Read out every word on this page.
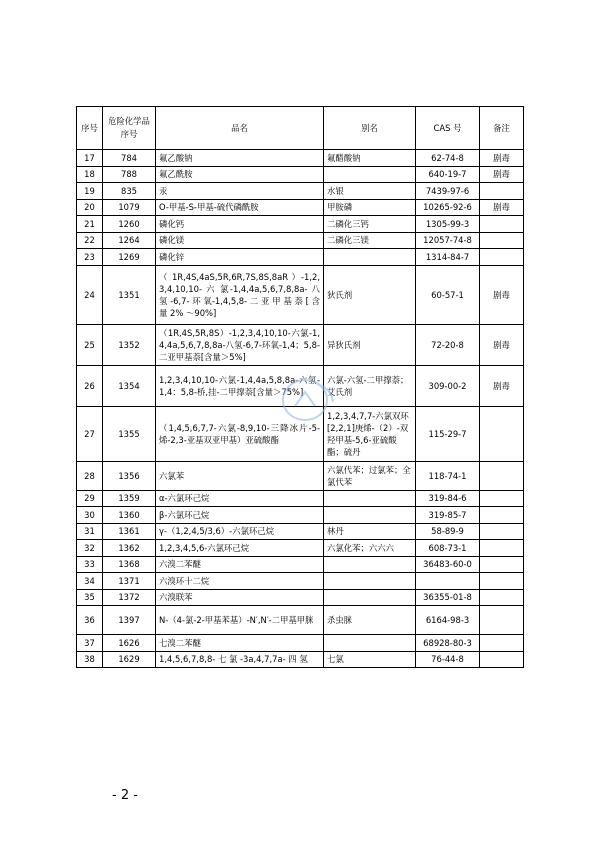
序号	危险化学品序号	品名	别名	CAS 号	备注
17	784	氟乙酸钠	氟醋酸钠	62-74-8	剧毒
18	788	氟乙酰胺		640-19-7	剧毒
19	835	汞	水银	7439-97-6	
20	1079	O-甲基-S-甲基-硫代磷酰胺	甲胺磷	10265-92-6	剧毒
21	1260	磷化钙	二磷化三钙	1305-99-3	
22	1264	磷化镁	二磷化三镁	12057-74-8	
23	1269	磷化锌		1314-84-7	
24	1351	（ 1R,4S,4aS,5R,6R,7S,8S,8aR ）-1,2,3,4,10,10- 六 氯-1,4,4a,5,6,7,8,8a- 八 氢 -6,7- 环 氧-1,4,5,8- 二 亚 甲 基 萘 [ 含 量 2% ～90%]	狄氏剂	60-57-1	剧毒
25	1352	（1R,4S,5R,8S）-1,2,3,4,10,10-六氯-1,4,4a,5,6,7,8,8a-八氢-6,7-环氧-1,4；5,8-二亚甲基萘[含量＞5%]	异狄氏剂	72-20-8	剧毒
26	1354	1,2,3,4,10,10-六氯-1,4,4a,5,8,8a-六氢-1,4：5,8-桥,挂-二甲撑萘[含量＞75%]	六氯-六氢-二甲撑萘；艾氏剂	309-00-2	剧毒
27	1355	（1,4,5,6,7,7-六氯-8,9,10-三降冰片-5-烯-2,3-亚基双亚甲基）亚硫酸酯	1,2,3,4,7,7-六氯双环[2,2,1]庚烯-（2）-双羟甲基-5,6-亚硫酸酯；硫丹	115-29-7	
28	1356	六氯苯	六氯代苯；过氯苯；全氯代苯	118-74-1	
29	1359	α-六氯环己烷		319-84-6	
30	1360	β-六氯环己烷		319-85-7	
31	1361	γ-（1,2,4,5/3,6）-六氯环己烷	林丹	58-89-9	
32	1362	1,2,3,4,5,6-六氯环己烷	六氯化苯；六六六	608-73-1	
33	1368	六溴二苯醚		36483-60-0	
34	1371	六溴环十二烷			
35	1372	六溴联苯		36355-01-8	
36	1397	N-（4-氯-2-甲基苯基）-N′,N′-二甲基甲脒	杀虫脒	6164-98-3	
37	1626	七溴二苯醚		68928-80-3	
38	1629	1,4,5,6,7,8,8- 七 氯 -3a,4,7,7a- 四 氢	七氯	76-44-8	
- 2 -
